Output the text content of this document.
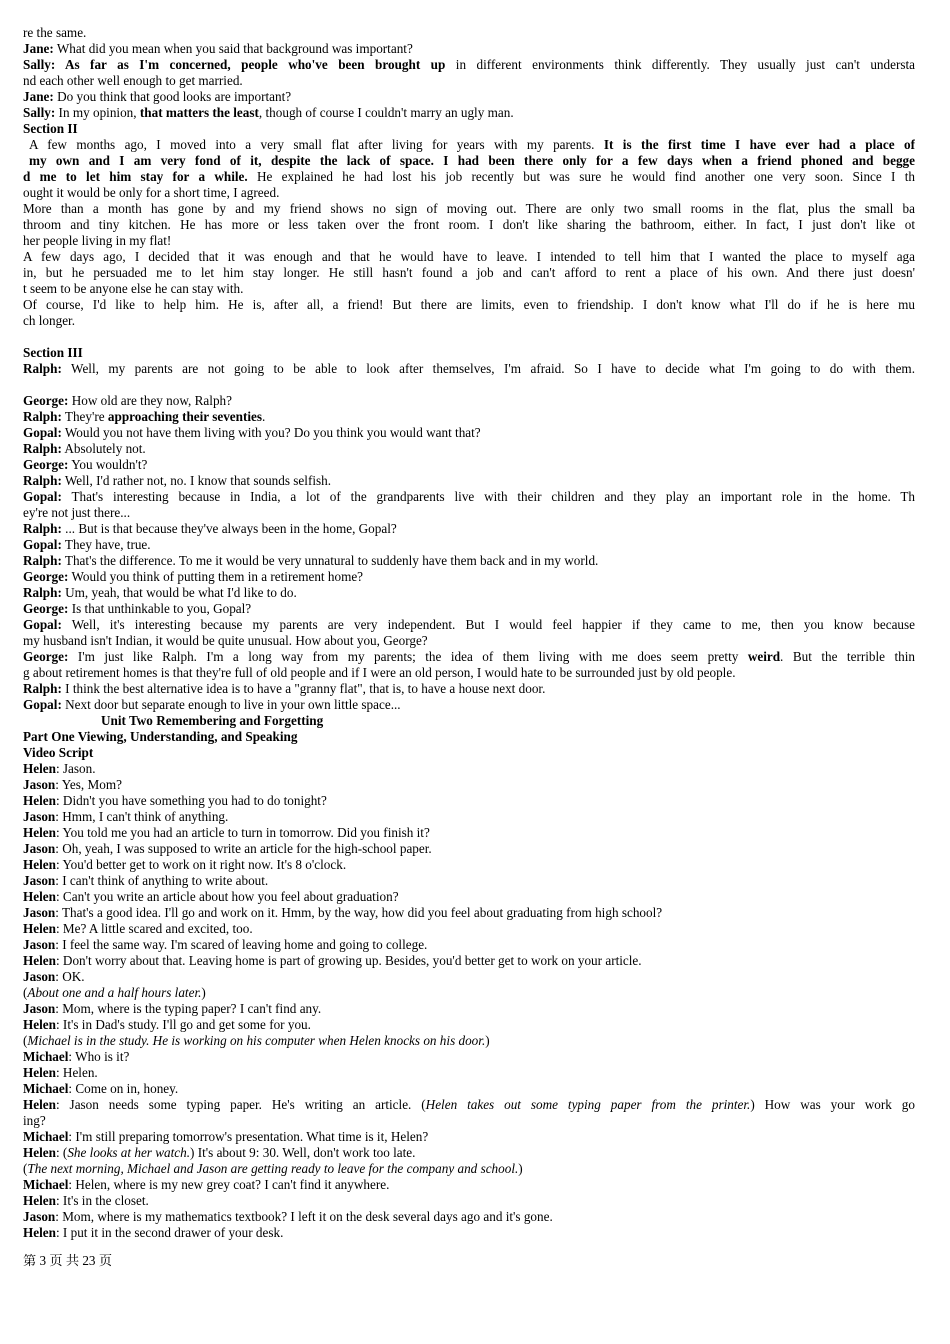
re the same.
Jane: What did you mean when you said that background was important?
Sally: As far as I'm concerned, people who've been brought up in different environments think differently. They usually just can't understa
nd each other well enough to get married.
Jane: Do you think that good looks are important?
Sally: In my opinion, that matters the least, though of course I couldn't marry an ugly man.
Section II
A few months ago, I moved into a very small flat after living for years with my parents. It is the first time I have ever had a place of
my own and I am very fond of it, despite the lack of space. I had been there only for a few days when a friend phoned and begge
d me to let him stay for a while. He explained he had lost his job recently but was sure he would find another one very soon. Since I th
ought it would be only for a short time, I agreed.
More than a month has gone by and my friend shows no sign of moving out. There are only two small rooms in the flat, plus the small ba
throom and tiny kitchen. He has more or less taken over the front room. I don't like sharing the bathroom, either. In fact, I just don't like ot
her people living in my flat!
A few days ago, I decided that it was enough and that he would have to leave. I intended to tell him that I wanted the place to myself aga
in, but he persuaded me to let him stay longer. He still hasn't found a job and can't afford to rent a place of his own. And there just doesn'
t seem to be anyone else he can stay with.
Of course, I'd like to help him. He is, after all, a friend! But there are limits, even to friendship. I don't know what I'll do if he is here mu
ch longer.
Section III
Ralph: Well, my parents are not going to be able to look after themselves, I'm afraid. So I have to decide what I'm going to do with them.
George: How old are they now, Ralph?
Ralph: They're approaching their seventies.
Gopal: Would you not have them living with you? Do you think you would want that?
Ralph: Absolutely not.
George: You wouldn't?
Ralph: Well, I'd rather not, no. I know that sounds selfish.
Gopal: That's interesting because in India, a lot of the grandparents live with their children and they play an important role in the home. Th
ey're not just there...
Ralph: ... But is that because they've always been in the home, Gopal?
Gopal: They have, true.
Ralph: That's the difference. To me it would be very unnatural to suddenly have them back and in my world.
George: Would you think of putting them in a retirement home?
Ralph: Um, yeah, that would be what I'd like to do.
George: Is that unthinkable to you, Gopal?
Gopal: Well, it's interesting because my parents are very independent. But I would feel happier if they came to me, then you know because
my husband isn't Indian, it would be quite unusual. How about you, George?
George: I'm just like Ralph. I'm a long way from my parents; the idea of them living with me does seem pretty weird. But the terrible thin
g about retirement homes is that they're full of old people and if I were an old person, I would hate to be surrounded just by old people.
Ralph: I think the best alternative idea is to have a "granny flat", that is, to have a house next door.
Gopal: Next door but separate enough to live in your own little space...
Unit Two Remembering and Forgetting
Part One Viewing, Understanding, and Speaking
Video Script
Helen: Jason.
Jason: Yes, Mom?
Helen: Didn't you have something you had to do tonight?
Jason: Hmm, I can't think of anything.
Helen: You told me you had an article to turn in tomorrow. Did you finish it?
Jason: Oh, yeah, I was supposed to write an article for the high-school paper.
Helen: You'd better get to work on it right now. It's 8 o'clock.
Jason: I can't think of anything to write about.
Helen: Can't you write an article about how you feel about graduation?
Jason: That's a good idea. I'll go and work on it. Hmm, by the way, how did you feel about graduating from high school?
Helen: Me? A little scared and excited, too.
Jason: I feel the same way. I'm scared of leaving home and going to college.
Helen: Don't worry about that. Leaving home is part of growing up. Besides, you'd better get to work on your article.
Jason: OK.
(About one and a half hours later.)
Jason: Mom, where is the typing paper? I can't find any.
Helen: It's in Dad's study. I'll go and get some for you.
(Michael is in the study. He is working on his computer when Helen knocks on his door.)
Michael: Who is it?
Helen: Helen.
Michael: Come on in, honey.
Helen: Jason needs some typing paper. He's writing an article. (Helen takes out some typing paper from the printer.) How was your work go
ing?
Michael: I'm still preparing tomorrow's presentation. What time is it, Helen?
Helen: (She looks at her watch.) It's about 9: 30. Well, don't work too late.
(The next morning, Michael and Jason are getting ready to leave for the company and school.)
Michael: Helen, where is my new grey coat? I can't find it anywhere.
Helen: It's in the closet.
Jason: Mom, where is my mathematics textbook? I left it on the desk several days ago and it's gone.
Helen: I put it in the second drawer of your desk.
第 3 页 共 23 页
